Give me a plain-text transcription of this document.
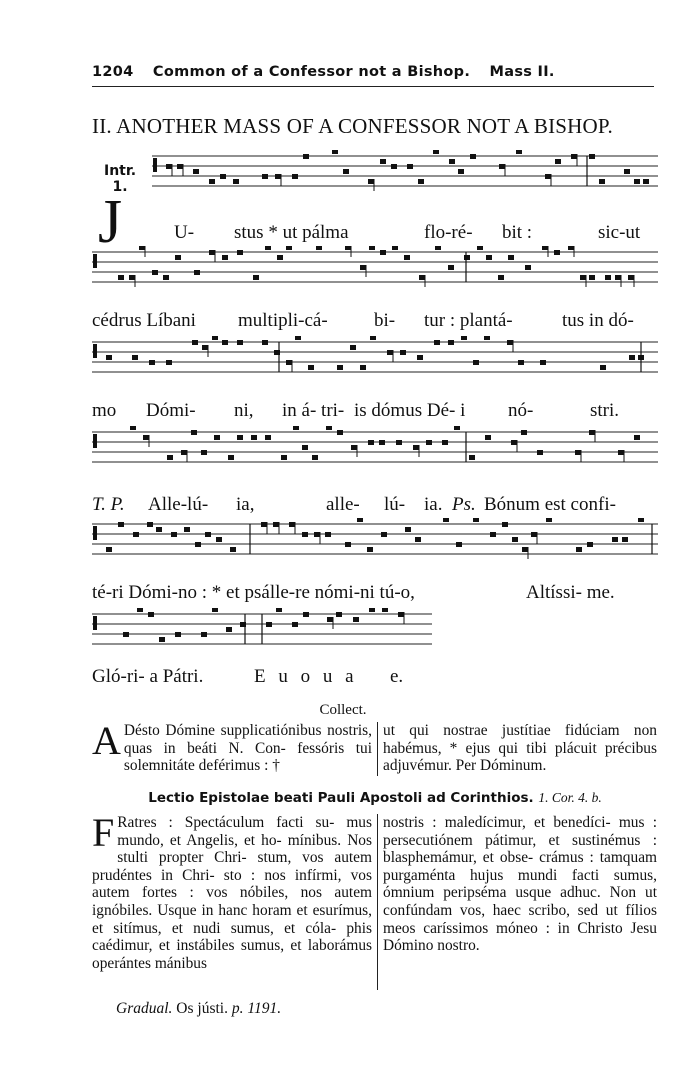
1204 Common of a Confessor not a Bishop. Mass II.
II. ANOTHER MASS OF A CONFESSOR NOT A BISHOP.
Intr.
1.
J	U- stus * ut pálma	flo-ré- bit :	sic-ut
cédrus Líbani multipli-cá- bi- tur : plantá-	tus in dó-
mo Dómi- ni, in á- tri- is dómus Dé- i nó-	stri.
T. P. Alle-lú- ia,	alle- lú- ia. Ps. Bónum est confi-
té-ri Dómi-no : * et psálle-re nómi-ni tú-o,	Altíssi- me.
Gló-ri- a Pátri.	E u o u a e.
Collect.

A Désto Dómine supplicatiónibus nostris, quas in beáti N. Con- fessóris tui solemnitáte deférimus : †

ut qui nostrae justítiae fidúciam non habémus, * ejus qui tibi plácuit précibus adjuvémur. Per Dóminum.

Lectio Epistolae beati Pauli Apostoli ad Corinthios. 1. Cor. 4. b.

F Ratres : Spectáculum facti su- mus mundo, et Angelis, et ho- mínibus. Nos stulti propter Chri- stum, vos autem prudéntes in Chri- sto : nos infírmi, vos autem fortes : vos nóbiles, nos autem ignóbiles. Usque in hanc horam et esurímus, et sitímus, et nudi sumus, et cóla- phis caédimur, et instábiles sumus, et laborámus operántes mánibus

nostris : maledícimur, et benedíci- mus : persecutiónem pátimur, et sustinémus : blasphemámur, et obse- crámus : tamquam purgaménta hujus mundi facti sumus, ómnium peripséma usque adhuc. Non ut confúndam vos, haec scribo, sed ut fílios meos caríssimos móneo : in Christo Jesu Dómino nostro.

Gradual. Os jústi. p. 1191.
